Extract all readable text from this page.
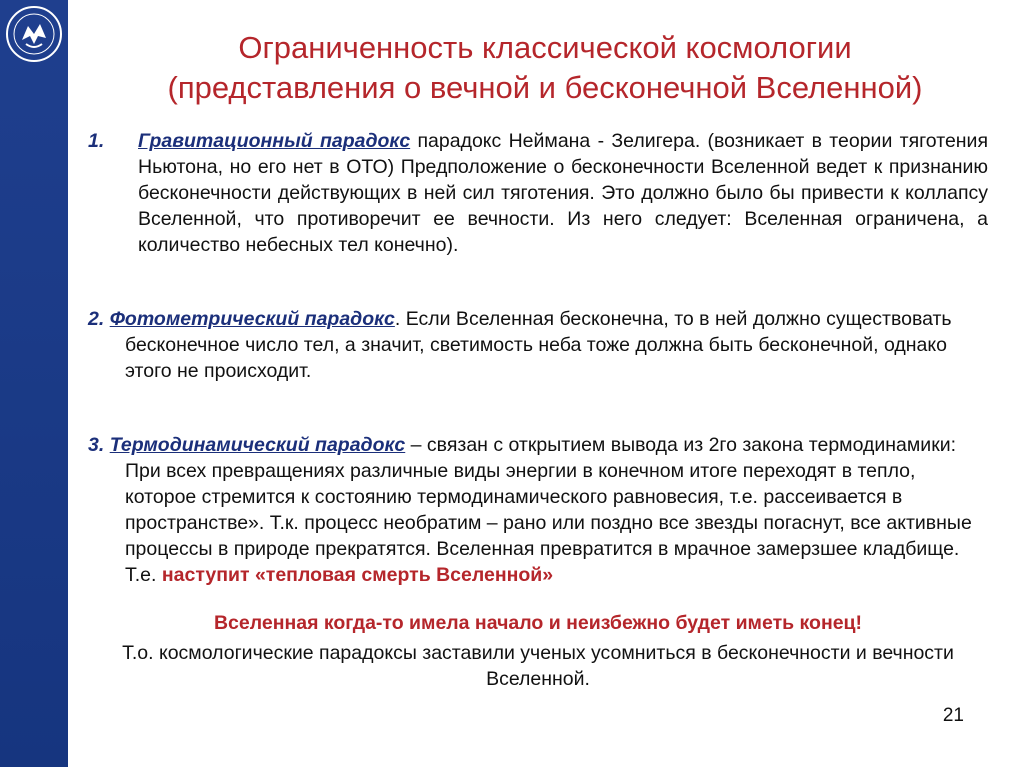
Ограниченность классической космологии
(представления о вечной и бесконечной Вселенной)
1.	Гравитационный парадокс парадокс Неймана - Зелигера. (возникает в теории тяготения Ньютона, но его нет в ОТО) Предположение о бесконечности Вселенной ведет к признанию бесконечности действующих в ней сил тяготения. Это должно было бы привести к коллапсу Вселенной, что противоречит ее вечности. Из него следует: Вселенная ограничена, а количество небесных тел конечно).
2. Фотометрический парадокс. Если Вселенная бесконечна, то в ней должно существовать бесконечное число тел, а значит, светимость неба тоже должна быть бесконечной, однако этого не происходит.
3. Термодинамический парадокс – связан с открытием вывода из 2го закона термодинамики: При всех превращениях различные виды энергии в конечном итоге переходят в тепло, которое стремится к состоянию термодинамического равновесия, т.е. рассеивается в пространстве». Т.к. процесс необратим – рано или поздно все звезды погаснут, все активные процессы в природе прекратятся. Вселенная превратится в мрачное замерзшее кладбище. Т.е. наступит «тепловая смерть Вселенной»
Вселенная когда-то имела начало и неизбежно будет иметь конец!
Т.о. космологические парадоксы заставили ученых усомниться в бесконечности и вечности Вселенной.
21
